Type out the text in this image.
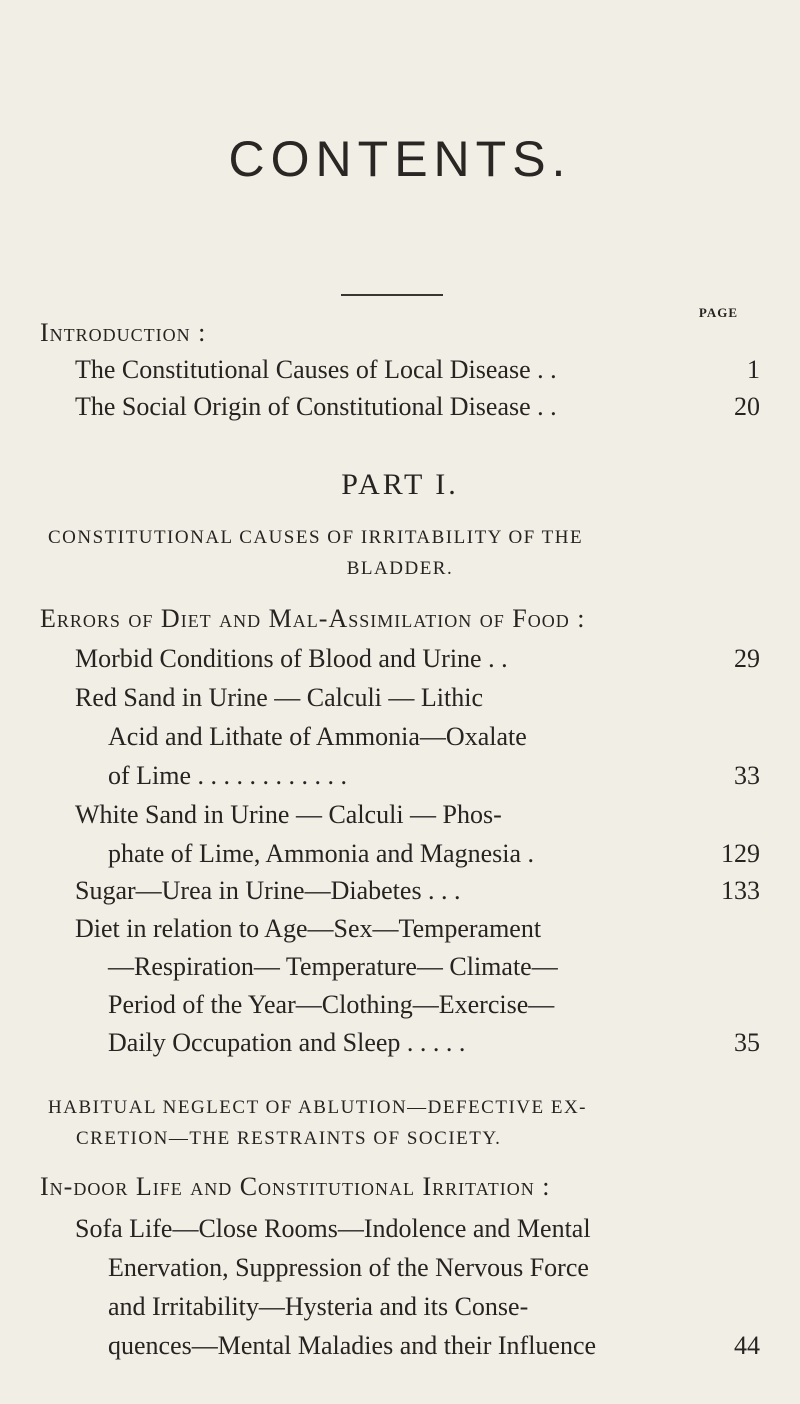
CONTENTS.
PAGE
Introduction :
The Constitutional Causes of Local Disease . .	1
The Social Origin of Constitutional Disease . .	20
PART I.
CONSTITUTIONAL CAUSES OF IRRITABILITY OF THE
BLADDER.
Errors of Diet and Mal-Assimilation of Food :
Morbid Conditions of Blood and Urine . .	29
Red Sand in Urine — Calculi — Lithic
Acid and Lithate of Ammonia—Oxalate
of Lime . . . . . . . . . . . .	33
White Sand in Urine — Calculi — Phos-
phate of Lime, Ammonia and Magnesia .	129
Sugar—Urea in Urine—Diabetes . . .	133
Diet in relation to Age—Sex—Temperament
—Respiration— Temperature— Climate—
Period of the Year—Clothing—Exercise—
Daily Occupation and Sleep . . . . .	35
HABITUAL NEGLECT OF ABLUTION—DEFECTIVE EX-
CRETION—THE RESTRAINTS OF SOCIETY.
In-door Life and Constitutional Irritation :
Sofa Life—Close Rooms—Indolence and Mental
Enervation, Suppression of the Nervous Force
and Irritability—Hysteria and its Conse-
quences—Mental Maladies and their Influence	44
